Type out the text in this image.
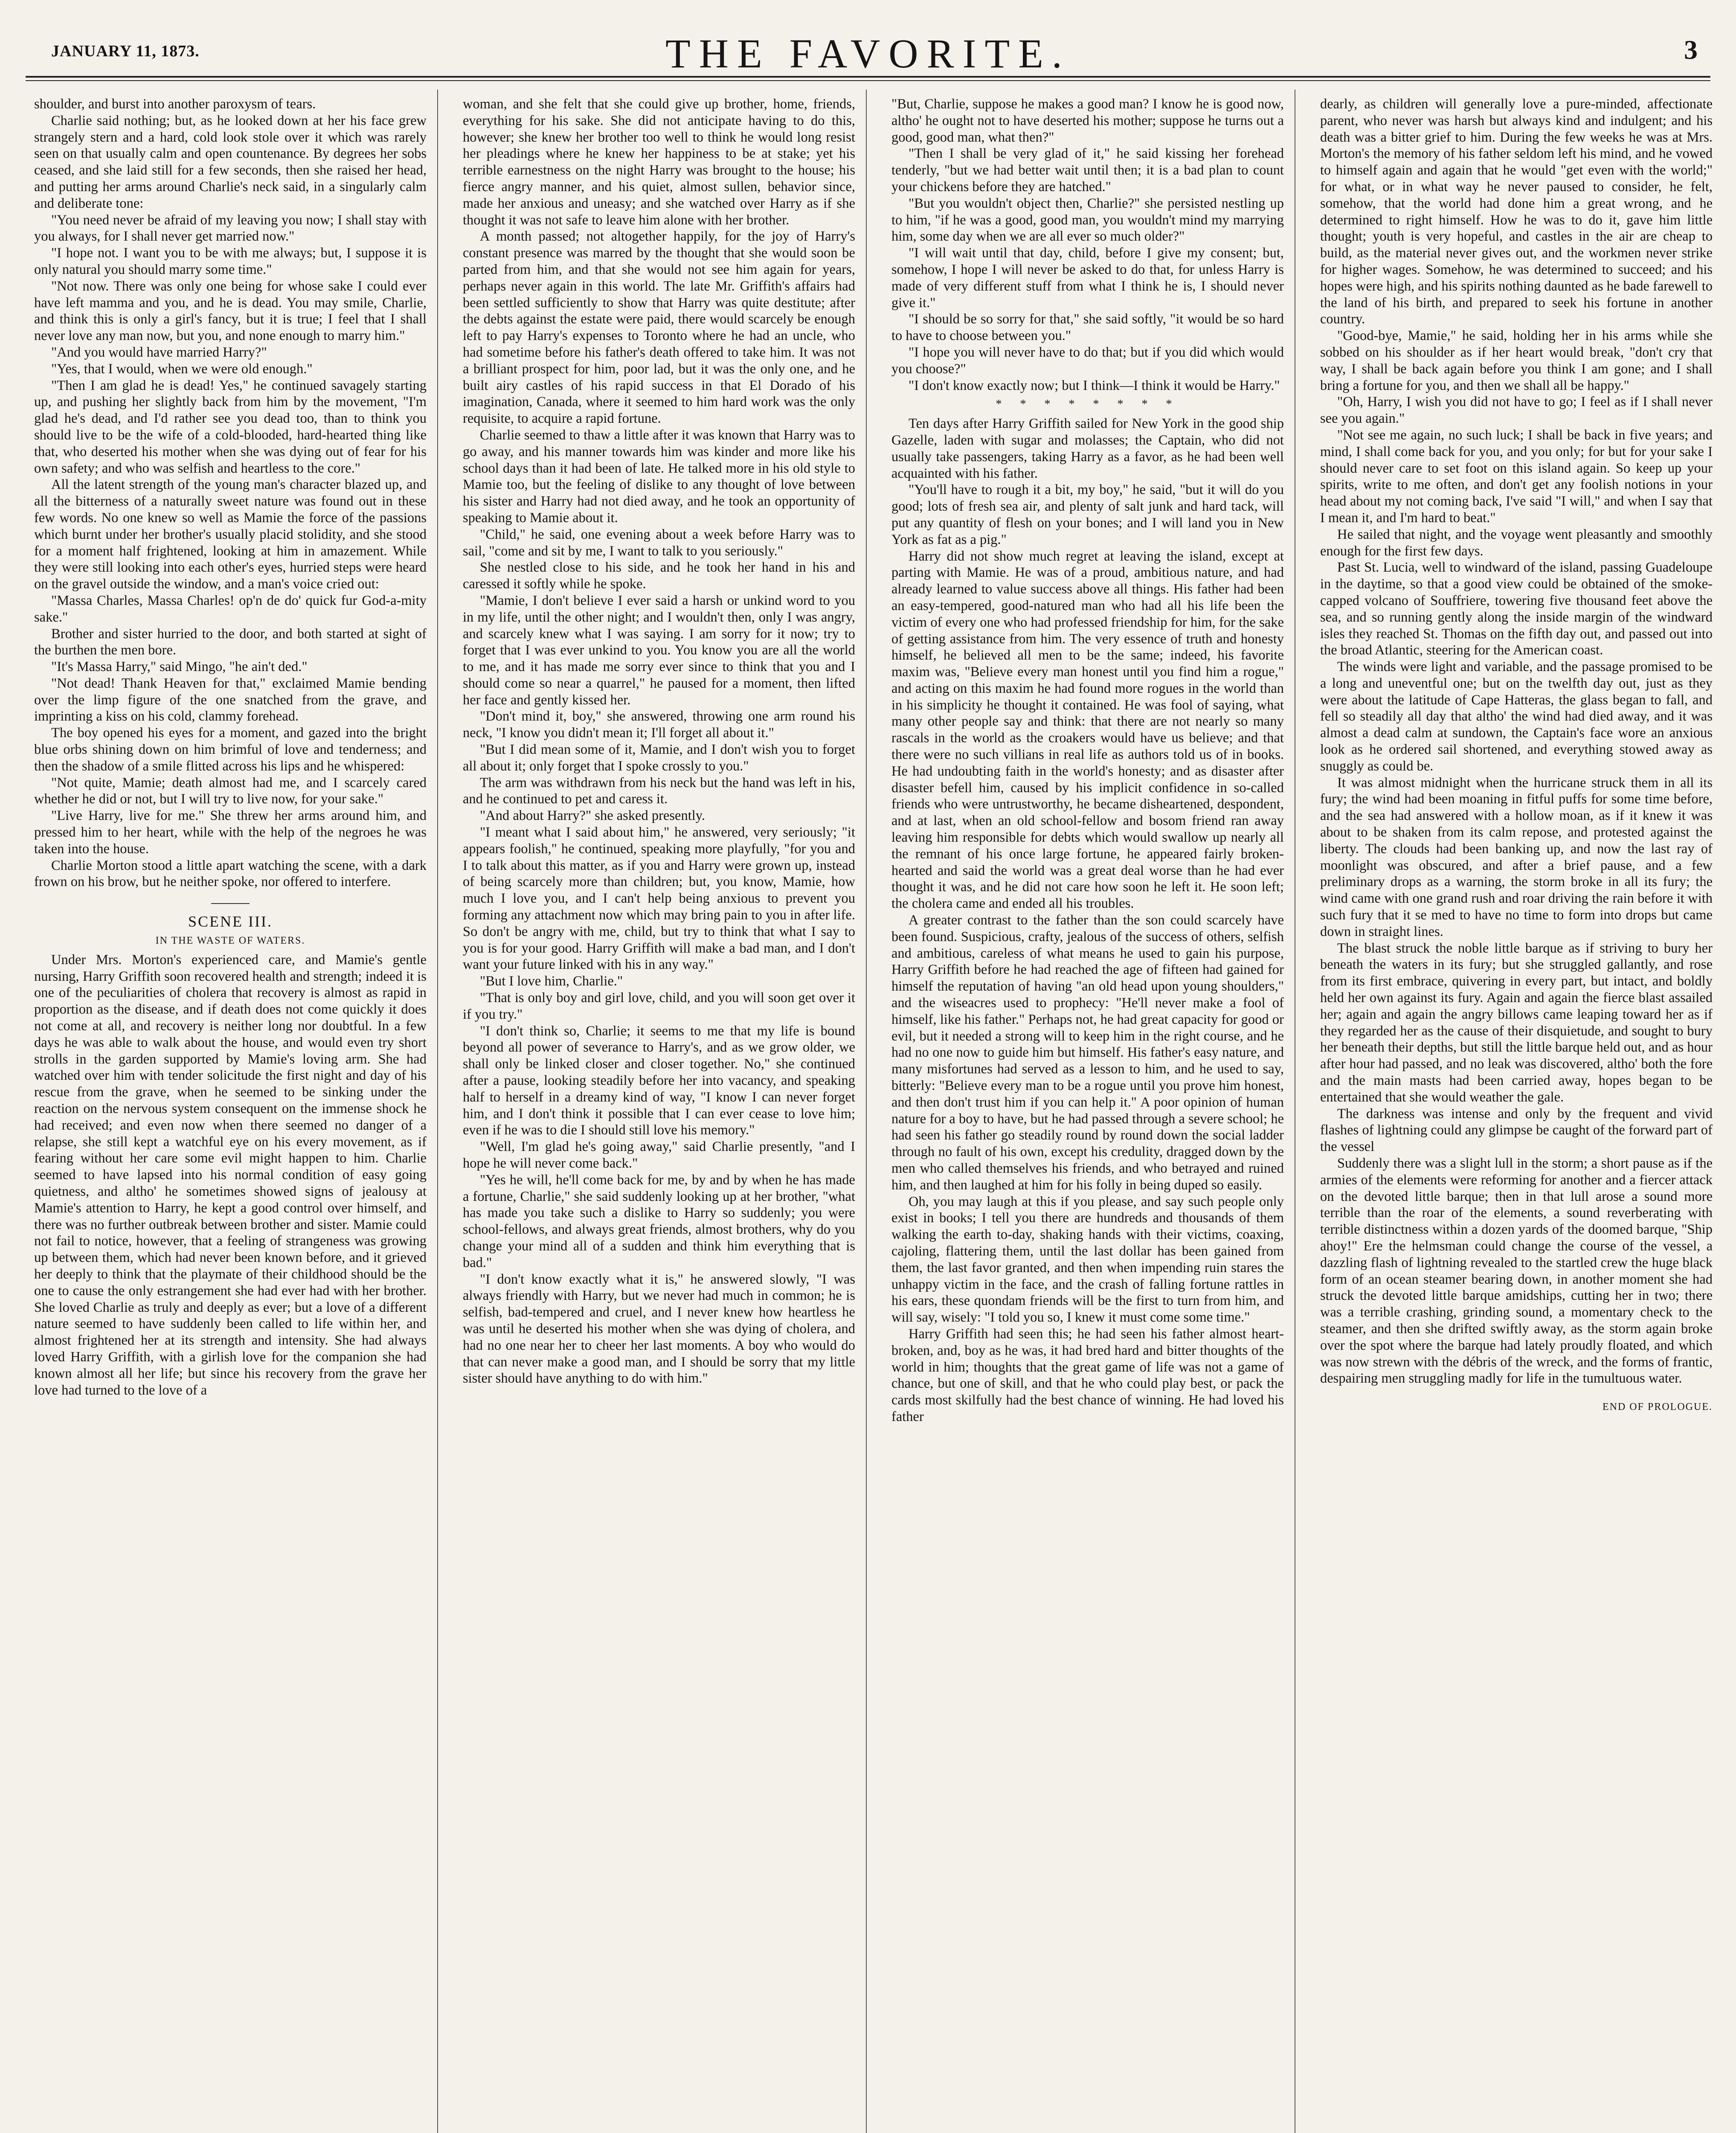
JANUARY 11, 1873.	THE FAVORITE.	3

shoulder, and burst into another paroxysm of tears.

Charlie said nothing; but, as he looked down at her his face grew strangely stern and a hard, cold look stole over it which was rarely seen on that usually calm and open countenance. By degrees her sobs ceased, and she laid still for a few seconds, then she raised her head, and putting her arms around Charlie's neck said, in a singularly calm and deliberate tone:

"You need never be afraid of my leaving you now; I shall stay with you always, for I shall never get married now."

"I hope not. I want you to be with me always; but, I suppose it is only natural you should marry some time."

"Not now. There was only one being for whose sake I could ever have left mamma and you, and he is dead. You may smile, Charlie, and think this is only a girl's fancy, but it is true; I feel that I shall never love any man now, but you, and none enough to marry him."

"And you would have married Harry?"

"Yes, that I would, when we were old enough."

"Then I am glad he is dead! Yes," he continued savagely starting up, and pushing her slightly back from him by the movement, "I'm glad he's dead, and I'd rather see you dead too, than to think you should live to be the wife of a cold-blooded, hard-hearted thing like that, who deserted his mother when she was dying out of fear for his own safety; and who was selfish and heartless to the core."

All the latent strength of the young man's character blazed up, and all the bitterness of a naturally sweet nature was found out in these few words. No one knew so well as Mamie the force of the passions which burnt under her brother's usually placid stolidity, and she stood for a moment half frightened, looking at him in amazement. While they were still looking into each other's eyes, hurried steps were heard on the gravel outside the window, and a man's voice cried out:

"Massa Charles, Massa Charles! op'n de do' quick fur God-a-mity sake."

Brother and sister hurried to the door, and both started at sight of the burthen the men bore.

"It's Massa Harry," said Mingo, "he ain't ded."

"Not dead! Thank Heaven for that," exclaimed Mamie bending over the limp figure of the one snatched from the grave, and imprinting a kiss on his cold, clammy forehead.

The boy opened his eyes for a moment, and gazed into the bright blue orbs shining down on him brimful of love and tenderness; and then the shadow of a smile flitted across his lips and he whispered:

"Not quite, Mamie; death almost had me, and I scarcely cared whether he did or not, but I will try to live now, for your sake."

"Live Harry, live for me." She threw her arms around him, and pressed him to her heart, while with the help of the negroes he was taken into the house.

Charlie Morton stood a little apart watching the scene, with a dark frown on his brow, but he neither spoke, nor offered to interfere.

SCENE III.

IN THE WASTE OF WATERS.

Under Mrs. Morton's experienced care, and Mamie's gentle nursing, Harry Griffith soon recovered health and strength; indeed it is one of the peculiarities of cholera that recovery is almost as rapid in proportion as the disease, and if death does not come quickly it does not come at all, and recovery is neither long nor doubtful. In a few days he was able to walk about the house, and would even try short strolls in the garden supported by Mamie's loving arm. She had watched over him with tender solicitude the first night and day of his rescue from the grave, when he seemed to be sinking under the reaction on the nervous system consequent on the immense shock he had received; and even now when there seemed no danger of a relapse, she still kept a watchful eye on his every movement, as if fearing without her care some evil might happen to him. Charlie seemed to have lapsed into his normal condition of easy going quietness, and altho' he sometimes showed signs of jealousy at Mamie's attention to Harry, he kept a good control over himself, and there was no further outbreak between brother and sister. Mamie could not fail to notice, however, that a feeling of strangeness was growing up between them, which had never been known before, and it grieved her deeply to think that the playmate of their childhood should be the one to cause the only estrangement she had ever had with her brother. She loved Charlie as truly and deeply as ever; but a love of a different nature seemed to have suddenly been called to life within her, and almost frightened her at its strength and intensity. She had always loved Harry Griffith, with a girlish love for the companion she had known almost all her life; but since his recovery from the grave her love had turned to the love of a

woman, and she felt that she could give up brother, home, friends, everything for his sake. She did not anticipate having to do this, however; she knew her brother too well to think he would long resist her pleadings where he knew her happiness to be at stake; yet his terrible earnestness on the night Harry was brought to the house; his fierce angry manner, and his quiet, almost sullen, behavior since, made her anxious and uneasy; and she watched over Harry as if she thought it was not safe to leave him alone with her brother.

A month passed; not altogether happily, for the joy of Harry's constant presence was marred by the thought that she would soon be parted from him, and that she would not see him again for years, perhaps never again in this world. The late Mr. Griffith's affairs had been settled sufficiently to show that Harry was quite destitute; after the debts against the estate were paid, there would scarcely be enough left to pay Harry's expenses to Toronto where he had an uncle, who had sometime before his father's death offered to take him. It was not a brilliant prospect for him, poor lad, but it was the only one, and he built airy castles of his rapid success in that El Dorado of his imagination, Canada, where it seemed to him hard work was the only requisite, to acquire a rapid fortune.

Charlie seemed to thaw a little after it was known that Harry was to go away, and his manner towards him was kinder and more like his school days than it had been of late. He talked more in his old style to Mamie too, but the feeling of dislike to any thought of love between his sister and Harry had not died away, and he took an opportunity of speaking to Mamie about it.

"Child," he said, one evening about a week before Harry was to sail, "come and sit by me, I want to talk to you seriously."

She nestled close to his side, and he took her hand in his and caressed it softly while he spoke.

"Mamie, I don't believe I ever said a harsh or unkind word to you in my life, until the other night; and I wouldn't then, only I was angry, and scarcely knew what I was saying. I am sorry for it now; try to forget that I was ever unkind to you. You know you are all the world to me, and it has made me sorry ever since to think that you and I should come so near a quarrel," he paused for a moment, then lifted her face and gently kissed her.

"Don't mind it, boy," she answered, throwing one arm round his neck, "I know you didn't mean it; I'll forget all about it."

"But I did mean some of it, Mamie, and I don't wish you to forget all about it; only forget that I spoke crossly to you."

The arm was withdrawn from his neck but the hand was left in his, and he continued to pet and caress it.

"And about Harry?" she asked presently.

"I meant what I said about him," he answered, very seriously; "it appears foolish," he continued, speaking more playfully, "for you and I to talk about this matter, as if you and Harry were grown up, instead of being scarcely more than children; but, you know, Mamie, how much I love you, and I can't help being anxious to prevent you forming any attachment now which may bring pain to you in after life. So don't be angry with me, child, but try to think that what I say to you is for your good. Harry Griffith will make a bad man, and I don't want your future linked with his in any way."

"But I love him, Charlie."

"That is only boy and girl love, child, and you will soon get over it if you try."

"I don't think so, Charlie; it seems to me that my life is bound beyond all power of severance to Harry's, and as we grow older, we shall only be linked closer and closer together. No," she continued after a pause, looking steadily before her into vacancy, and speaking half to herself in a dreamy kind of way, "I know I can never forget him, and I don't think it possible that I can ever cease to love him; even if he was to die I should still love his memory."

"Well, I'm glad he's going away," said Charlie presently, "and I hope he will never come back."

"Yes he will, he'll come back for me, by and by when he has made a fortune, Charlie," she said suddenly looking up at her brother, "what has made you take such a dislike to Harry so suddenly; you were school-fellows, and always great friends, almost brothers, why do you change your mind all of a sudden and think him everything that is bad."

"I don't know exactly what it is," he answered slowly, "I was always friendly with Harry, but we never had much in common; he is selfish, bad-tempered and cruel, and I never knew how heartless he was until he deserted his mother when she was dying of cholera, and had no one near her to cheer her last moments. A boy who would do that can never make a good man, and I should be sorry that my little sister should have anything to do with him."

"But, Charlie, suppose he makes a good man? I know he is good now, altho' he ought not to have deserted his mother; suppose he turns out a good, good man, what then?"

"Then I shall be very glad of it," he said kissing her forehead tenderly, "but we had better wait until then; it is a bad plan to count your chickens before they are hatched."

"But you wouldn't object then, Charlie?" she persisted nestling up to him, "if he was a good, good man, you wouldn't mind my marrying him, some day when we are all ever so much older?"

"I will wait until that day, child, before I give my consent; but, somehow, I hope I will never be asked to do that, for unless Harry is made of very different stuff from what I think he is, I should never give it."

"I should be so sorry for that," she said softly, "it would be so hard to have to choose between you."

"I hope you will never have to do that; but if you did which would you choose?"

"I don't know exactly now; but I think—I think it would be Harry."

* * * * * * * *

Ten days after Harry Griffith sailed for New York in the good ship Gazelle, laden with sugar and molasses; the Captain, who did not usually take passengers, taking Harry as a favor, as he had been well acquainted with his father.

"You'll have to rough it a bit, my boy," he said, "but it will do you good; lots of fresh sea air, and plenty of salt junk and hard tack, will put any quantity of flesh on your bones; and I will land you in New York as fat as a pig."

Harry did not show much regret at leaving the island, except at parting with Mamie. He was of a proud, ambitious nature, and had already learned to value success above all things. His father had been an easy-tempered, good-natured man who had all his life been the victim of every one who had professed friendship for him, for the sake of getting assistance from him. The very essence of truth and honesty himself, he believed all men to be the same; indeed, his favorite maxim was, "Believe every man honest until you find him a rogue," and acting on this maxim he had found more rogues in the world than in his simplicity he thought it contained. He was fool of saying, what many other people say and think: that there are not nearly so many rascals in the world as the croakers would have us believe; and that there were no such villians in real life as authors told us of in books. He had undoubting faith in the world's honesty; and as disaster after disaster befell him, caused by his implicit confidence in so-called friends who were untrustworthy, he became disheartened, despondent, and at last, when an old school-fellow and bosom friend ran away leaving him responsible for debts which would swallow up nearly all the remnant of his once large fortune, he appeared fairly broken-hearted and said the world was a great deal worse than he had ever thought it was, and he did not care how soon he left it. He soon left; the cholera came and ended all his troubles.

A greater contrast to the father than the son could scarcely have been found. Suspicious, crafty, jealous of the success of others, selfish and ambitious, careless of what means he used to gain his purpose, Harry Griffith before he had reached the age of fifteen had gained for himself the reputation of having "an old head upon young shoulders," and the wiseacres used to prophecy: "He'll never make a fool of himself, like his father." Perhaps not, he had great capacity for good or evil, but it needed a strong will to keep him in the right course, and he had no one now to guide him but himself. His father's easy nature, and many misfortunes had served as a lesson to him, and he used to say, bitterly: "Believe every man to be a rogue until you prove him honest, and then don't trust him if you can help it." A poor opinion of human nature for a boy to have, but he had passed through a severe school; he had seen his father go steadily round by round down the social ladder through no fault of his own, except his credulity, dragged down by the men who called themselves his friends, and who betrayed and ruined him, and then laughed at him for his folly in being duped so easily.

Oh, you may laugh at this if you please, and say such people only exist in books; I tell you there are hundreds and thousands of them walking the earth to-day, shaking hands with their victims, coaxing, cajoling, flattering them, until the last dollar has been gained from them, the last favor granted, and then when impending ruin stares the unhappy victim in the face, and the crash of falling fortune rattles in his ears, these quondam friends will be the first to turn from him, and will say, wisely: "I told you so, I knew it must come some time."

Harry Griffith had seen this; he had seen his father almost heart-broken, and, boy as he was, it had bred hard and bitter thoughts of the world in him; thoughts that the great game of life was not a game of chance, but one of skill, and that he who could play best, or pack the cards most skilfully had the best chance of winning. He had loved his father

dearly, as children will generally love a pure-minded, affectionate parent, who never was harsh but always kind and indulgent; and his death was a bitter grief to him. During the few weeks he was at Mrs. Morton's the memory of his father seldom left his mind, and he vowed to himself again and again that he would "get even with the world;" for what, or in what way he never paused to consider, he felt, somehow, that the world had done him a great wrong, and he determined to right himself. How he was to do it, gave him little thought; youth is very hopeful, and castles in the air are cheap to build, as the material never gives out, and the workmen never strike for higher wages. Somehow, he was determined to succeed; and his hopes were high, and his spirits nothing daunted as he bade farewell to the land of his birth, and prepared to seek his fortune in another country.

"Good-bye, Mamie," he said, holding her in his arms while she sobbed on his shoulder as if her heart would break, "don't cry that way, I shall be back again before you think I am gone; and I shall bring a fortune for you, and then we shall all be happy."

"Oh, Harry, I wish you did not have to go; I feel as if I shall never see you again."

"Not see me again, no such luck; I shall be back in five years; and mind, I shall come back for you, and you only; for but for your sake I should never care to set foot on this island again. So keep up your spirits, write to me often, and don't get any foolish notions in your head about my not coming back, I've said "I will," and when I say that I mean it, and I'm hard to beat."

He sailed that night, and the voyage went pleasantly and smoothly enough for the first few days.

Past St. Lucia, well to windward of the island, passing Guadeloupe in the daytime, so that a good view could be obtained of the smoke-capped volcano of Souffriere, towering five thousand feet above the sea, and so running gently along the inside margin of the windward isles they reached St. Thomas on the fifth day out, and passed out into the broad Atlantic, steering for the American coast.

The winds were light and variable, and the passage promised to be a long and uneventful one; but on the twelfth day out, just as they were about the latitude of Cape Hatteras, the glass began to fall, and fell so steadily all day that altho' the wind had died away, and it was almost a dead calm at sundown, the Captain's face wore an anxious look as he ordered sail shortened, and everything stowed away as snuggly as could be.

It was almost midnight when the hurricane struck them in all its fury; the wind had been moaning in fitful puffs for some time before, and the sea had answered with a hollow moan, as if it knew it was about to be shaken from its calm repose, and protested against the liberty. The clouds had been banking up, and now the last ray of moonlight was obscured, and after a brief pause, and a few preliminary drops as a warning, the storm broke in all its fury; the wind came with one grand rush and roar driving the rain before it with such fury that it se med to have no time to form into drops but came down in straight lines.

The blast struck the noble little barque as if striving to bury her beneath the waters in its fury; but she struggled gallantly, and rose from its first embrace, quivering in every part, but intact, and boldly held her own against its fury. Again and again the fierce blast assailed her; again and again the angry billows came leaping toward her as if they regarded her as the cause of their disquietude, and sought to bury her beneath their depths, but still the little barque held out, and as hour after hour had passed, and no leak was discovered, altho' both the fore and the main masts had been carried away, hopes began to be entertained that she would weather the gale.

The darkness was intense and only by the frequent and vivid flashes of lightning could any glimpse be caught of the forward part of the vessel

Suddenly there was a slight lull in the storm; a short pause as if the armies of the elements were reforming for another and a fiercer attack on the devoted little barque; then in that lull arose a sound more terrible than the roar of the elements, a sound reverberating with terrible distinctness within a dozen yards of the doomed barque, "Ship ahoy!" Ere the helmsman could change the course of the vessel, a dazzling flash of lightning revealed to the startled crew the huge black form of an ocean steamer bearing down, in another moment she had struck the devoted little barque amidships, cutting her in two; there was a terrible crashing, grinding sound, a momentary check to the steamer, and then she drifted swiftly away, as the storm again broke over the spot where the barque had lately proudly floated, and which was now strewn with the débris of the wreck, and the forms of frantic, despairing men struggling madly for life in the tumultuous water.

END OF PROLOGUE.
